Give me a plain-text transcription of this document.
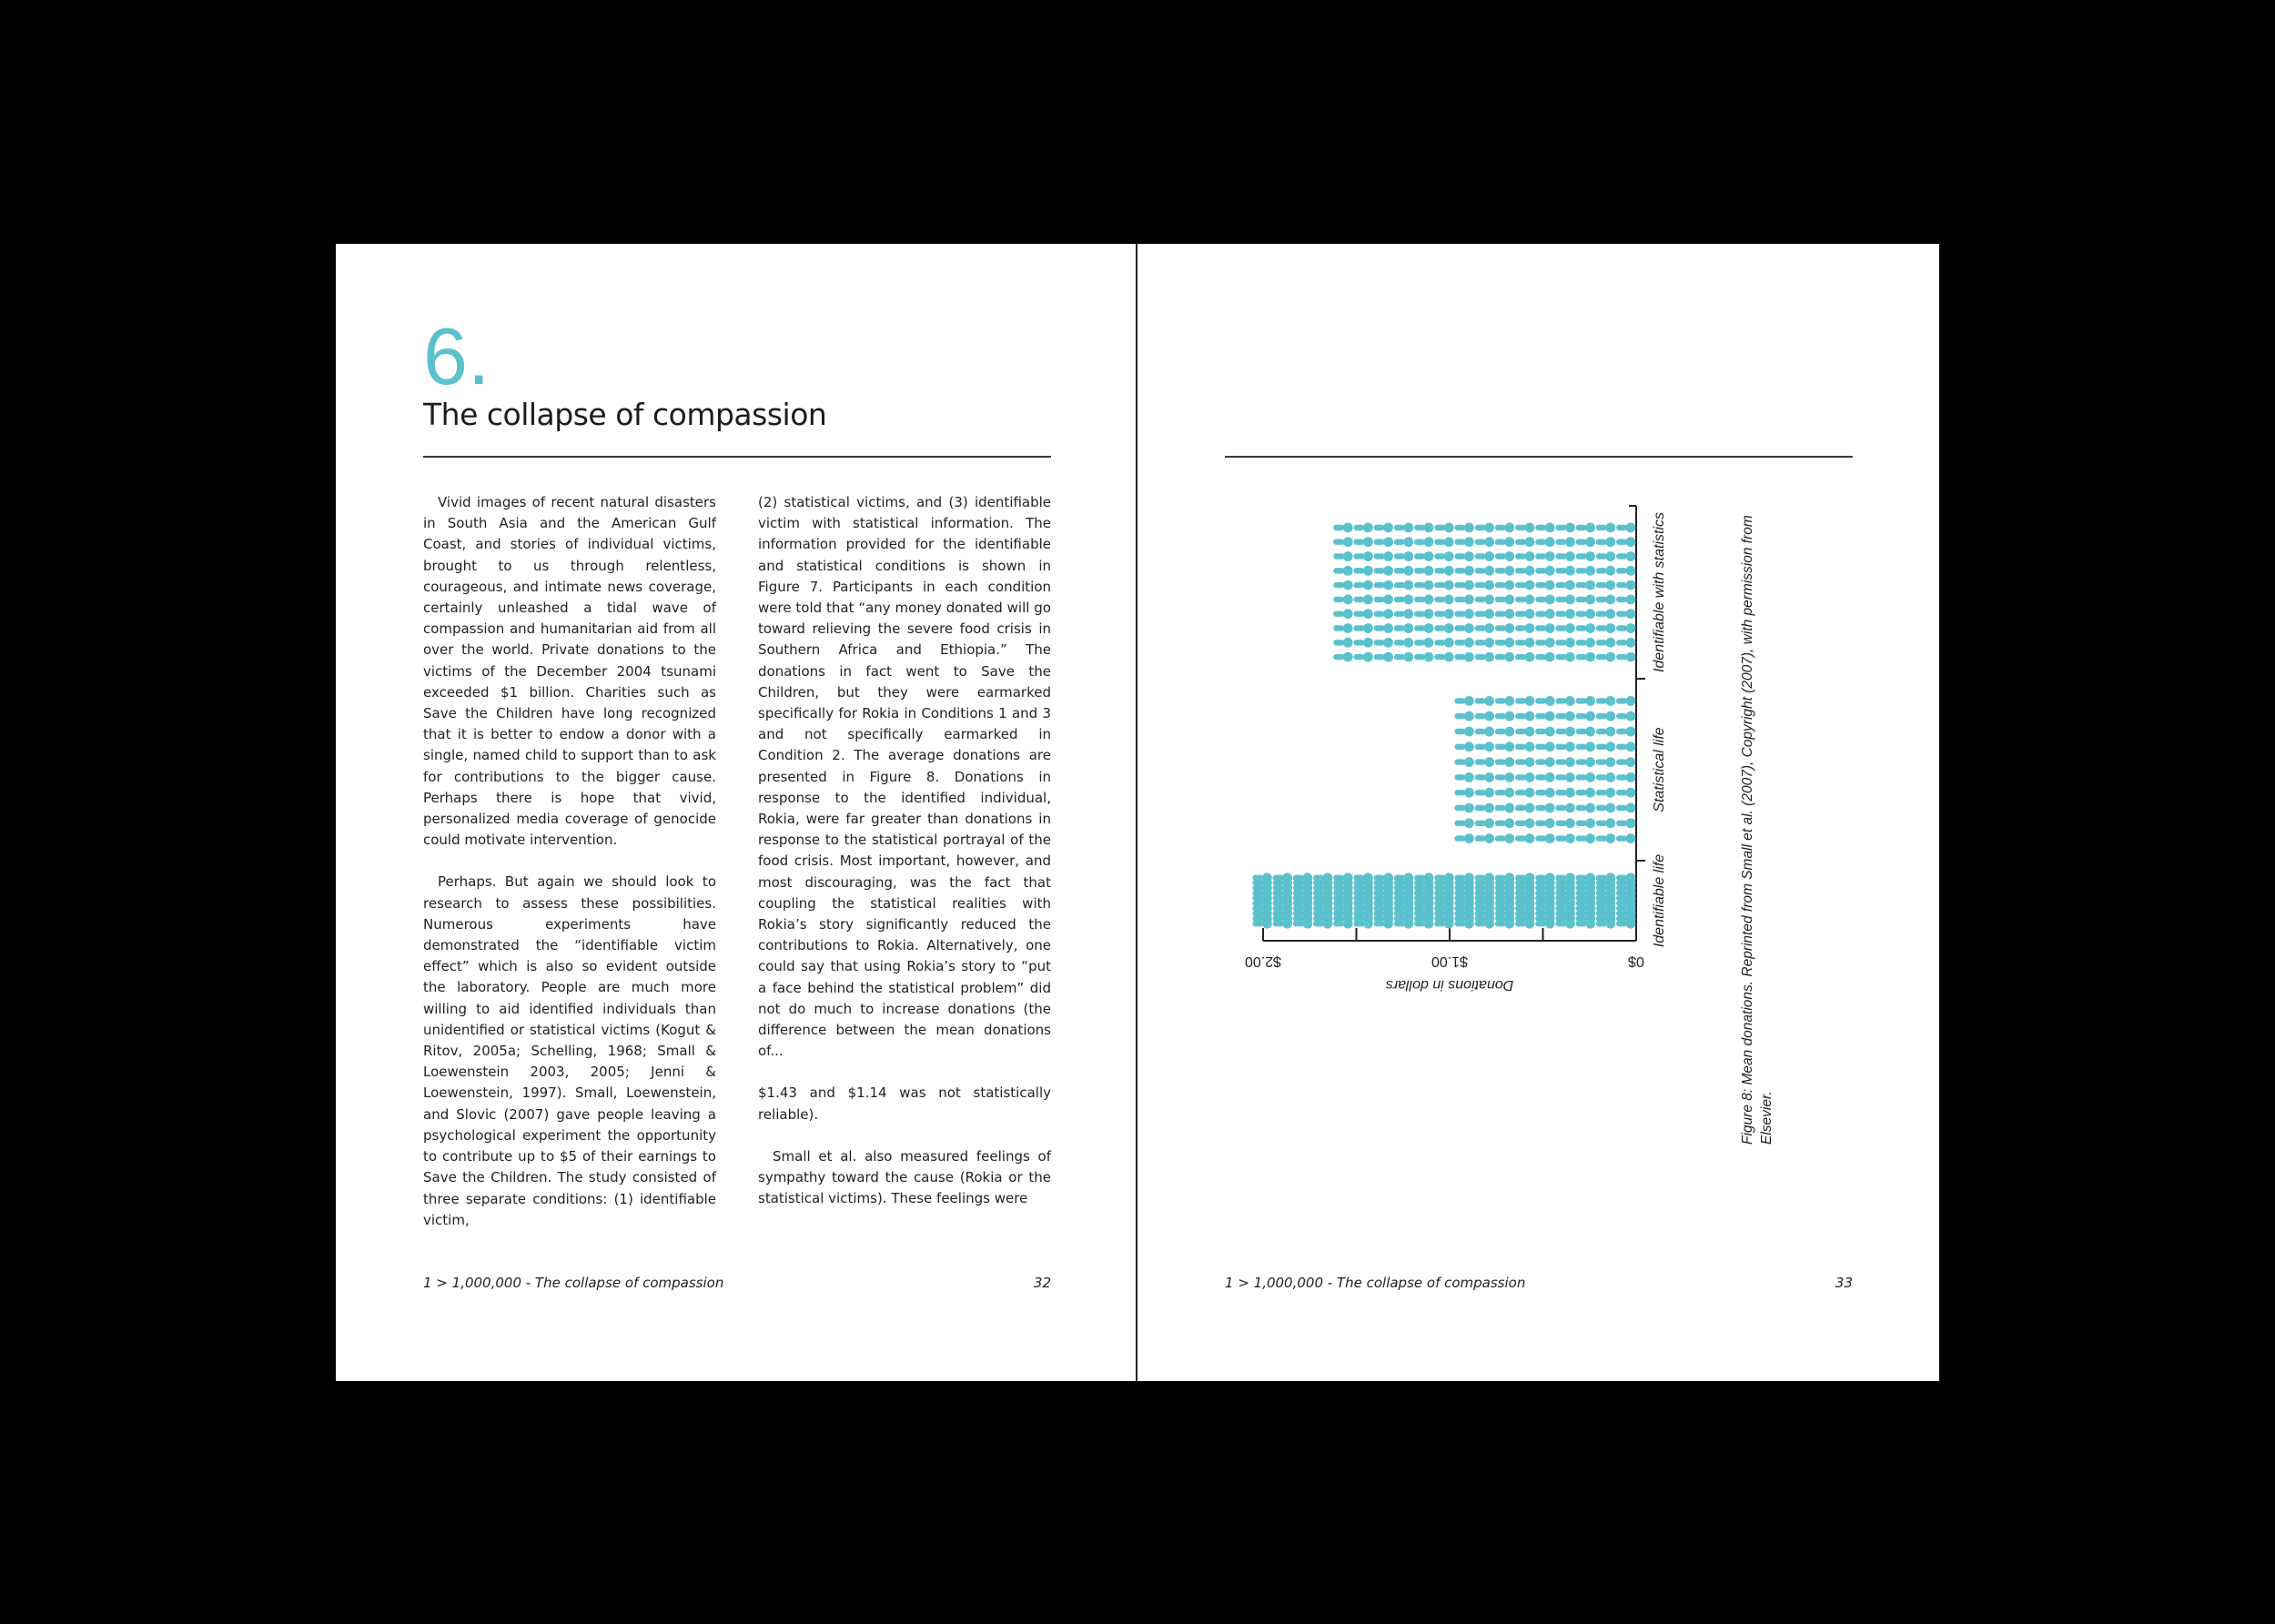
6.
The collapse of compassion

Vivid images of recent natural disasters in South Asia and the American Gulf Coast, and stories of individual victims, brought to us through relentless, courageous, and intimate news coverage, certainly unleashed a tidal wave of compassion and humanitarian aid from all over the world. Private donations to the victims of the December 2004 tsunami exceeded $1 billion. Charities such as Save the Children have long recognized that it is better to endow a donor with a single, named child to support than to ask for contributions to the bigger cause. Perhaps there is hope that vivid, personalized media coverage of genocide could motivate intervention.

Perhaps. But again we should look to research to assess these possibilities. Numerous experiments have demonstrated the “identifiable victim effect” which is also so evident outside the laboratory. People are much more willing to aid identified individuals than unidentified or statistical victims (Kogut & Ritov, 2005a; Schelling, 1968; Small & Loewenstein 2003, 2005; Jenni & Loewenstein, 1997). Small, Loewenstein, and Slovic (2007) gave people leaving a psychological experiment the opportunity to contribute up to $5 of their earnings to Save the Children. The study consisted of three separate conditions: (1) identifiable victim,

(2) statistical victims, and (3) identifiable victim with statistical information. The information provided for the identifiable and statistical conditions is shown in Figure 7. Participants in each condition were told that “any money donated will go toward relieving the severe food crisis in Southern Africa and Ethiopia.” The donations in fact went to Save the Children, but they were earmarked specifically for Rokia in Conditions 1 and 3 and not specifically earmarked in Condition 2. The average donations are presented in Figure 8. Donations in response to the identified individual, Rokia, were far greater than donations in response to the statistical portrayal of the food crisis. Most important, however, and most discouraging, was the fact that coupling the statistical realities with Rokia’s story significantly reduced the contributions to Rokia. Alternatively, one could say that using Rokia’s story to “put a face behind the statistical problem” did not do much to increase donations (the difference between the mean donations of...

$1.43 and $1.14 was not statistically reliable).

Small et al. also measured feelings of sympathy toward the cause (Rokia or the statistical victims). These feelings were

1 > 1,000,000 - The collapse of compassion	32
0$
$1.00
$2.00
Donations in dollars
Identifiable with statistics
Statistical life
Identifiable life	Figure 8: Mean donations. Reprinted from Small et al. (2007), Copyright (2007), with permission from Elsevier.
1 > 1,000,000 - The collapse of compassion	33
